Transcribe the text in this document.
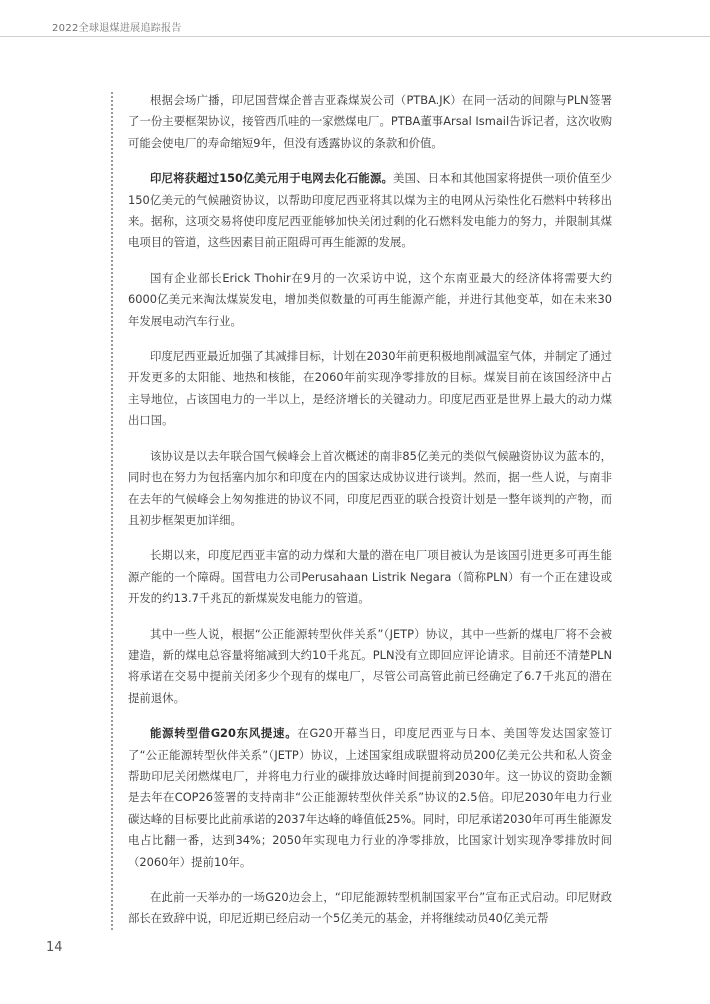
2022全球退煤进展追踪报告

根据会场广播，印尼国营煤企普吉亚森煤炭公司（PTBA.JK）在同一活动的间隙与PLN签署了一份主要框架协议，接管西爪哇的一家燃煤电厂。PTBA董事Arsal Ismail告诉记者，这次收购可能会使电厂的寿命缩短9年，但没有透露协议的条款和价值。

印尼将获超过150亿美元用于电网去化石能源。美国、日本和其他国家将提供一项价值至少150亿美元的气候融资协议，以帮助印度尼西亚将其以煤为主的电网从污染性化石燃料中转移出来。据称，这项交易将使印度尼西亚能够加快关闭过剩的化石燃料发电能力的努力，并限制其煤电项目的管道，这些因素目前正阻碍可再生能源的发展。

国有企业部长Erick Thohir在9月的一次采访中说，这个东南亚最大的经济体将需要大约6000亿美元来淘汰煤炭发电，增加类似数量的可再生能源产能，并进行其他变革，如在未来30年发展电动汽车行业。

印度尼西亚最近加强了其减排目标，计划在2030年前更积极地削减温室气体，并制定了通过开发更多的太阳能、地热和核能，在2060年前实现净零排放的目标。煤炭目前在该国经济中占主导地位，占该国电力的一半以上，是经济增长的关键动力。印度尼西亚是世界上最大的动力煤出口国。

该协议是以去年联合国气候峰会上首次概述的南非85亿美元的类似气候融资协议为蓝本的，同时也在努力为包括塞内加尔和印度在内的国家达成协议进行谈判。然而，据一些人说，与南非在去年的气候峰会上匆匆推进的协议不同，印度尼西亚的联合投资计划是一整年谈判的产物，而且初步框架更加详细。

长期以来，印度尼西亚丰富的动力煤和大量的潜在电厂项目被认为是该国引进更多可再生能源产能的一个障碍。国营电力公司Perusahaan Listrik Negara（简称PLN）有一个正在建设或开发的约13.7千兆瓦的新煤炭发电能力的管道。

其中一些人说，根据“公正能源转型伙伴关系”（JETP）协议，其中一些新的煤电厂将不会被建造，新的煤电总容量将缩减到大约10千兆瓦。PLN没有立即回应评论请求。目前还不清楚PLN将承诺在交易中提前关闭多少个现有的煤电厂，尽管公司高管此前已经确定了6.7千兆瓦的潜在提前退休。

能源转型借G20东风提速。在G20开幕当日，印度尼西亚与日本、美国等发达国家签订了“公正能源转型伙伴关系”（JETP）协议，上述国家组成联盟将动员200亿美元公共和私人资金帮助印尼关闭燃煤电厂，并将电力行业的碳排放达峰时间提前到2030年。这一协议的资助金额是去年在COP26签署的支持南非“公正能源转型伙伴关系”协议的2.5倍。印尼2030年电力行业碳达峰的目标要比此前承诺的2037年达峰的峰值低25%。同时，印尼承诺2030年可再生能源发电占比翻一番，达到34%；2050年实现电力行业的净零排放，比国家计划实现净零排放时间（2060年）提前10年。

在此前一天举办的一场G20边会上，“印尼能源转型机制国家平台”宣布正式启动。印尼财政部长在致辞中说，印尼近期已经启动一个5亿美元的基金，并将继续动员40亿美元帮

14
